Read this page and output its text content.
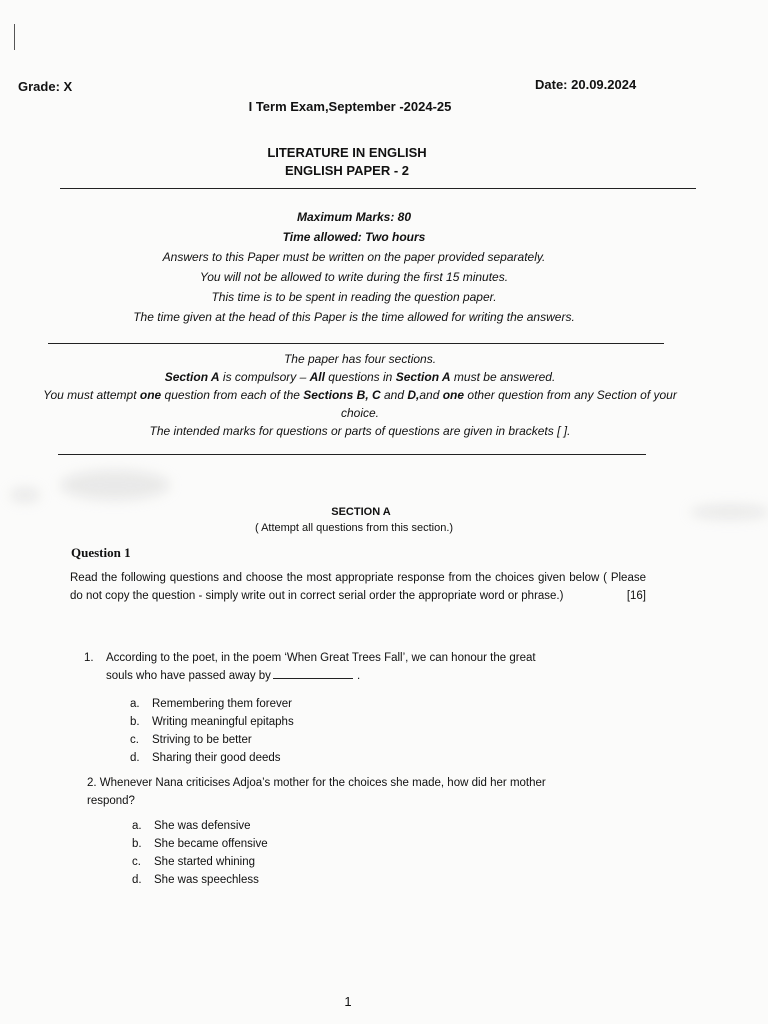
Grade: X	Date: 20.09.2024
I Term Exam,September -2024-25
LITERATURE IN ENGLISH
ENGLISH PAPER - 2
Maximum Marks: 80
Time allowed: Two hours
Answers to this Paper must be written on the paper provided separately.
You will not be allowed to write during the first 15 minutes.
This time is to be spent in reading the question paper.
The time given at the head of this Paper is the time allowed for writing the answers.
The paper has four sections.
Section A is compulsory – All questions in Section A must be answered.
You must attempt one question from each of the Sections B, C and D,and one other question from any Section of your choice.
The intended marks for questions or parts of questions are given in brackets [ ].
SECTION A
( Attempt all questions from this section.)
Question 1
Read the following questions and choose the most appropriate response from the choices given below ( Please do not copy the question - simply write out in correct serial order the appropriate word or phrase.)	[16]
1.	According to the poet, in the poem ‘When Great Trees Fall’, we can honour the great
souls who have passed away by	.
a.	Remembering them forever
b.	Writing meaningful epitaphs
c.	Striving to be better
d.	Sharing their good deeds
2. Whenever Nana criticises Adjoa’s mother for the choices she made, how did her mother
respond?
a.	She was defensive
b.	She became offensive
c.	She started whining
d.	She was speechless
1
